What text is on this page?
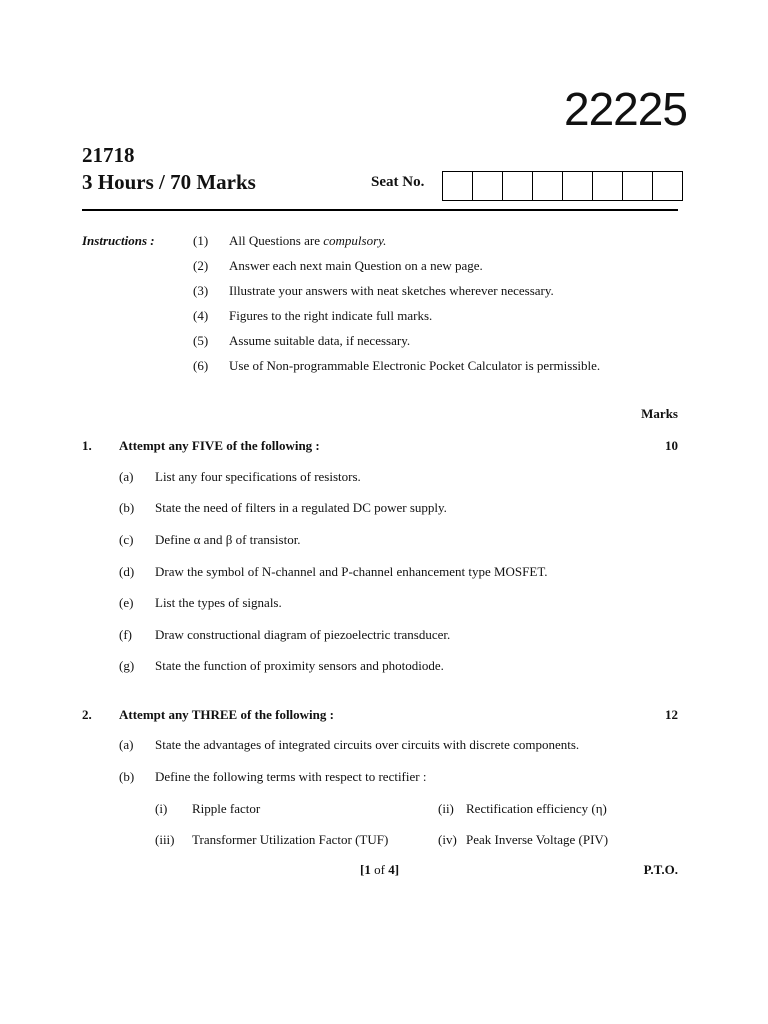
22225
21718
3 Hours / 70 Marks	Seat No.
Instructions :	(1) All Questions are compulsory.
(2) Answer each next main Question on a new page.
(3) Illustrate your answers with neat sketches wherever necessary.
(4) Figures to the right indicate full marks.
(5) Assume suitable data, if necessary.
(6) Use of Non-programmable Electronic Pocket Calculator is permissible.
Marks
1. Attempt any FIVE of the following :	10
(a) List any four specifications of resistors.
(b) State the need of filters in a regulated DC power supply.
(c) Define α and β of transistor.
(d) Draw the symbol of N-channel and P-channel enhancement type MOSFET.
(e) List the types of signals.
(f) Draw constructional diagram of piezoelectric transducer.
(g) State the function of proximity sensors and photodiode.
2. Attempt any THREE of the following :	12
(a) State the advantages of integrated circuits over circuits with discrete components.
(b) Define the following terms with respect to rectifier :
(i) Ripple factor	(ii) Rectification efficiency (η)
(iii) Transformer Utilization Factor (TUF)	(iv) Peak Inverse Voltage (PIV)
[1 of 4]	P.T.O.
